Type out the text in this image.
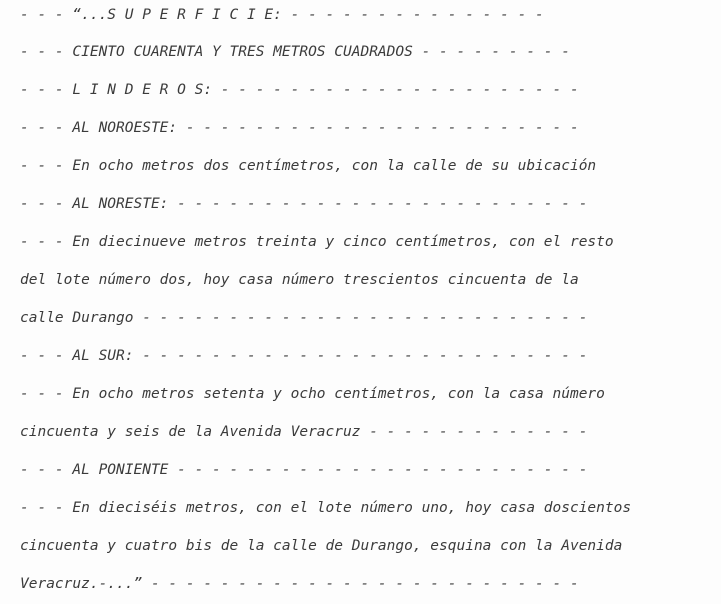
- - - “...S U P E R F I C I E: - - - - - - - - - - - - - - -
- - - CIENTO CUARENTA Y TRES METROS CUADRADOS - - - - - - - - -
- - - L I N D E R O S: - - - - - - - - - - - - - - - - - - - - -
- - - AL NOROESTE: - - - - - - - - - - - - - - - - - - - - - - -
- - - En ocho metros dos centímetros, con la calle de su ubicación
- - - AL NORESTE: - - - - - - - - - - - - - - - - - - - - - - - -
- - - En diecinueve metros treinta y cinco centímetros, con el resto
del lote número dos, hoy casa número trescientos cincuenta de la
calle Durango - - - - - - - - - - - - - - - - - - - - - - - - - -
- - - AL SUR: - - - - - - - - - - - - - - - - - - - - - - - - - -
- - - En ocho metros setenta y ocho centímetros, con la casa número
cincuenta y seis de la Avenida Veracruz - - - - - - - - - - - - -
- - - AL PONIENTE - - - - - - - - - - - - - - - - - - - - - - - -
- - - En dieciséis metros, con el lote número uno, hoy casa doscientos
cincuenta y cuatro bis de la calle de Durango, esquina con la Avenida
Veracruz.-...” - - - - - - - - - - - - - - - - - - - - - - - - -
